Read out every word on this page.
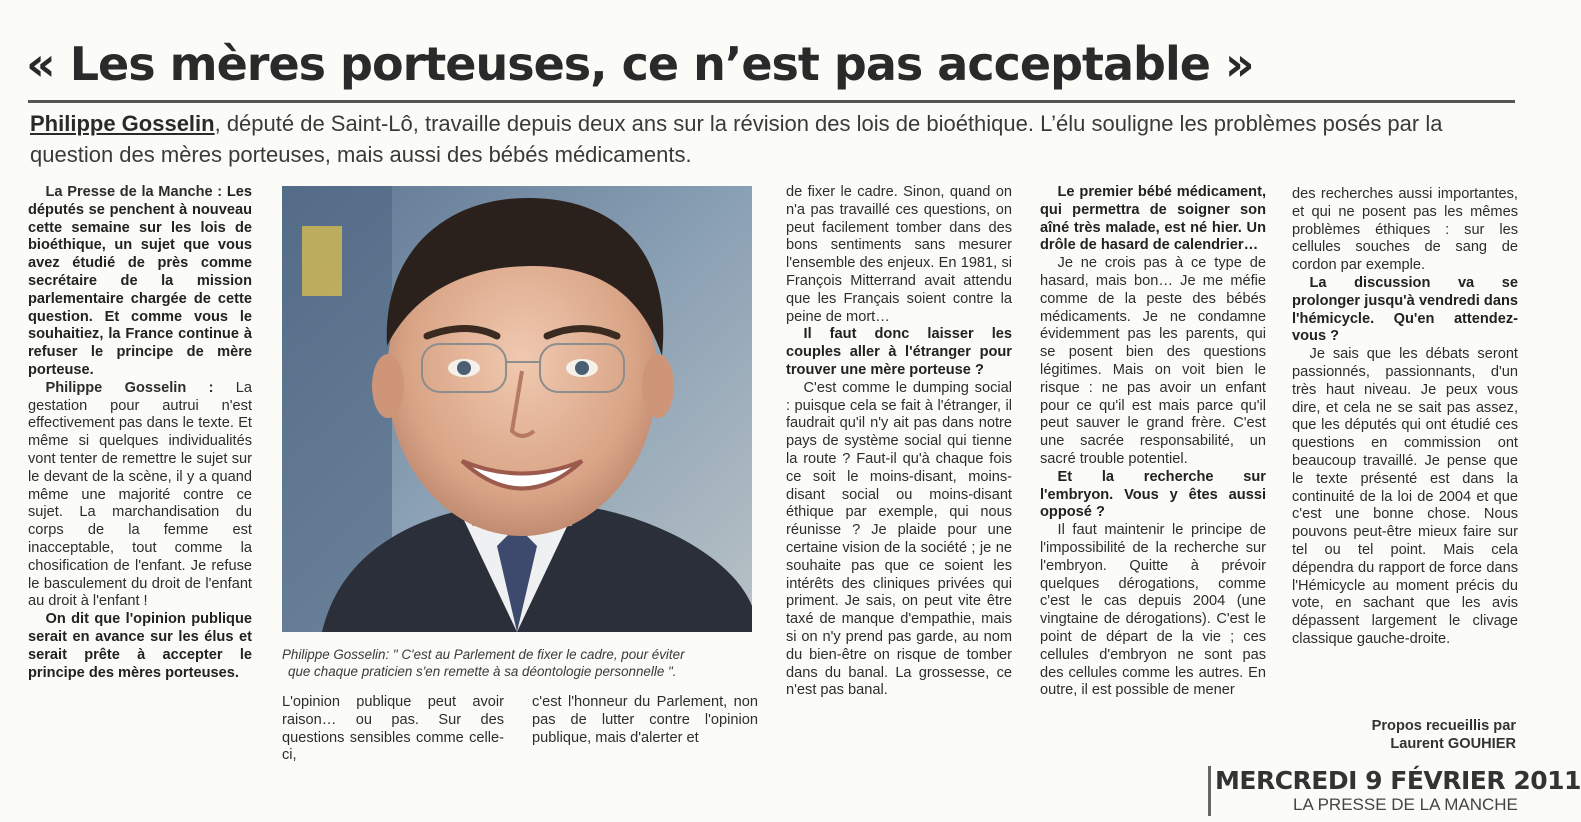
« Les mères porteuses, ce n’est pas acceptable »
Philippe Gosselin, député de Saint-Lô, travaille depuis deux ans sur la révision des lois de bioéthique. L’élu souligne les problèmes posés par la question des mères porteuses, mais aussi des bébés médicaments.

La Presse de la Manche : Les députés se penchent à nouveau cette semaine sur les lois de bioéthique, un sujet que vous avez étudié de près comme secrétaire de la mission parlementaire chargée de cette question. Et comme vous le souhaitiez, la France continue à refuser le principe de mère porteuse.

Philippe Gosselin : La gestation pour autrui n'est effectivement pas dans le texte. Et même si quelques individualités vont tenter de remettre le sujet sur le devant de la scène, il y a quand même une majorité contre ce sujet. La marchandisation du corps de la femme est inacceptable, tout comme la chosification de l'enfant. Je refuse le basculement du droit de l'enfant au droit à l'enfant !

On dit que l'opinion publique serait en avance sur les élus et serait prête à accepter le principe des mères porteuses.

Philippe Gosselin: " C'est au Parlement de fixer le cadre, pour éviter
que chaque praticien s'en remette à sa déontologie personnelle ".

L'opinion publique peut avoir raison… ou pas. Sur des questions sensibles comme celle-ci,

c'est l'honneur du Parlement, non pas de lutter contre l'opinion publique, mais d'alerter et

de fixer le cadre. Sinon, quand on n'a pas travaillé ces questions, on peut facilement tomber dans des bons sentiments sans mesurer l'ensemble des enjeux. En 1981, si François Mitterrand avait attendu que les Français soient contre la peine de mort…

Il faut donc laisser les couples aller à l'étranger pour trouver une mère porteuse ?

C'est comme le dumping social : puisque cela se fait à l'étranger, il faudrait qu'il n'y ait pas dans notre pays de système social qui tienne la route ? Faut-il qu'à chaque fois ce soit le moins-disant, moins-disant social ou moins-disant éthique par exemple, qui nous réunisse ? Je plaide pour une certaine vision de la société ; je ne souhaite pas que ce soient les intérêts des cliniques privées qui priment. Je sais, on peut vite être taxé de manque d'empathie, mais si on n'y prend pas garde, au nom du bien-être on risque de tomber dans du banal. La grossesse, ce n'est pas banal.

Le premier bébé médicament, qui permettra de soigner son aîné très malade, est né hier. Un drôle de hasard de calendrier…

Je ne crois pas à ce type de hasard, mais bon… Je me méfie comme de la peste des bébés médicaments. Je ne condamne évidemment pas les parents, qui se posent bien des questions légitimes. Mais on voit bien le risque : ne pas avoir un enfant pour ce qu'il est mais parce qu'il peut sauver le grand frère. C'est une sacrée responsabilité, un sacré trouble potentiel.

Et la recherche sur l'embryon. Vous y êtes aussi opposé ?

Il faut maintenir le principe de l'impossibilité de la recherche sur l'embryon. Quitte à prévoir quelques dérogations, comme c'est le cas depuis 2004 (une vingtaine de dérogations). C'est le point de départ de la vie ; ces cellules d'embryon ne sont pas des cellules comme les autres. En outre, il est possible de mener

des recherches aussi importantes, et qui ne posent pas les mêmes problèmes éthiques : sur les cellules souches de sang de cordon par exemple.

La discussion va se prolonger jusqu'à vendredi dans l'hémicycle. Qu'en attendez-vous ?

Je sais que les débats seront passionnés, passionnants, d'un très haut niveau. Je peux vous dire, et cela ne se sait pas assez, que les députés qui ont étudié ces questions en commission ont beaucoup travaillé. Je pense que le texte présenté est dans la continuité de la loi de 2004 et que c'est une bonne chose. Nous pouvons peut-être mieux faire sur tel ou tel point. Mais cela dépendra du rapport de force dans l'Hémicycle au moment précis du vote, en sachant que les avis dépassent largement le clivage classique gauche-droite.

Propos recueillis par
Laurent GOUHIER
MERCREDI 9 FÉVRIER 2011
LA PRESSE DE LA MANCHE
